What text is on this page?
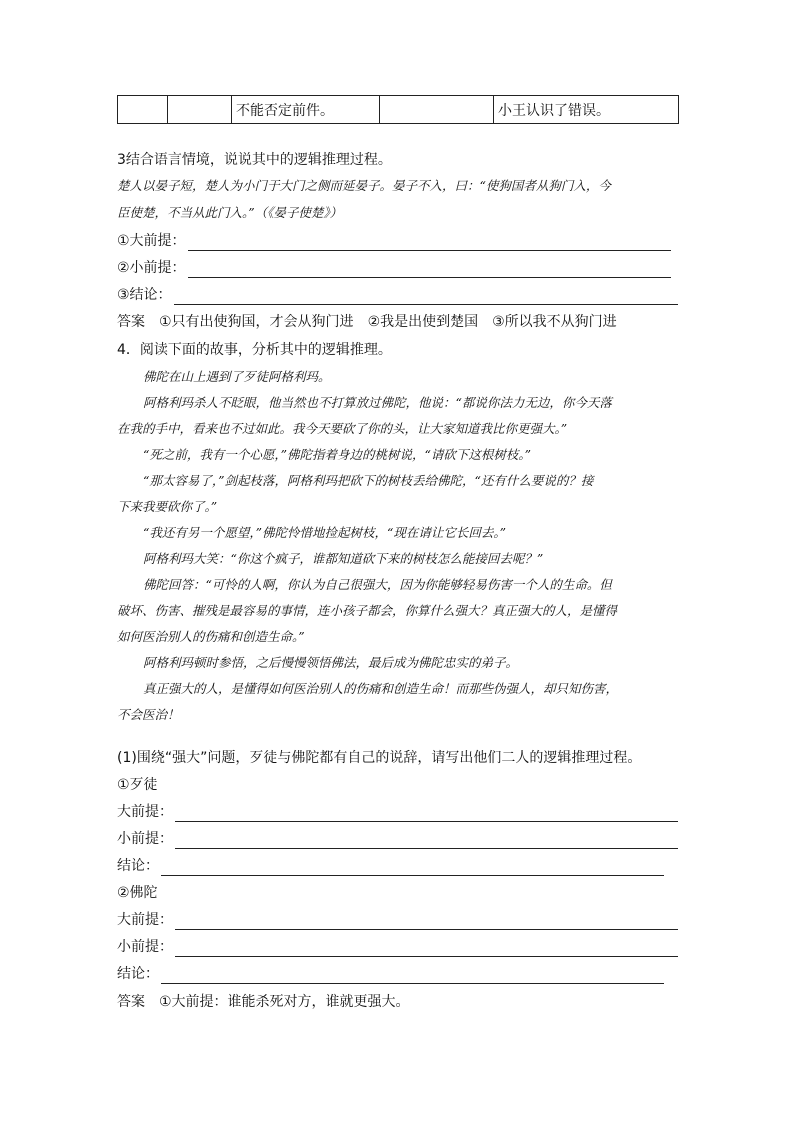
		不能否定前件。		小王认识了错误。
3结合语言情境，说说其中的逻辑推理过程。
楚人以晏子短，楚人为小门于大门之侧而延晏子。晏子不入，曰：“使狗国者从狗门入，今
臣使楚，不当从此门入。”（《晏子使楚》）
①大前提：
②小前提：
③结论：
答案 ①只有出使狗国，才会从狗门进 ②我是出使到楚国 ③所以我不从狗门进
4．阅读下面的故事，分析其中的逻辑推理。
佛陀在山上遇到了歹徒阿格利玛。
阿格利玛杀人不眨眼，他当然也不打算放过佛陀，他说：“都说你法力无边，你今天落
在我的手中，看来也不过如此。我今天要砍了你的头，让大家知道我比你更强大。”
“死之前，我有一个心愿，”佛陀指着身边的桃树说，“请砍下这根树枝。”
“那太容易了，”剑起枝落，阿格利玛把砍下的树枝丢给佛陀，“还有什么要说的？接
下来我要砍你了。”
“我还有另一个愿望，”佛陀怜惜地捡起树枝，“现在请让它长回去。”
阿格利玛大笑：“你这个疯子，谁都知道砍下来的树枝怎么能接回去呢？”
佛陀回答：“可怜的人啊，你认为自己很强大，因为你能够轻易伤害一个人的生命。但
破坏、伤害、摧残是最容易的事情，连小孩子都会，你算什么强大？真正强大的人，是懂得
如何医治别人的伤痛和创造生命。”
阿格利玛顿时参悟，之后慢慢领悟佛法，最后成为佛陀忠实的弟子。
真正强大的人，是懂得如何医治别人的伤痛和创造生命！而那些伪强人，却只知伤害，
不会医治！
(1)围绕“强大”问题，歹徒与佛陀都有自己的说辞，请写出他们二人的逻辑推理过程。
①歹徒
大前提：
小前提：
结论：
②佛陀
大前提：
小前提：
结论：
答案 ①大前提：谁能杀死对方，谁就更强大。
